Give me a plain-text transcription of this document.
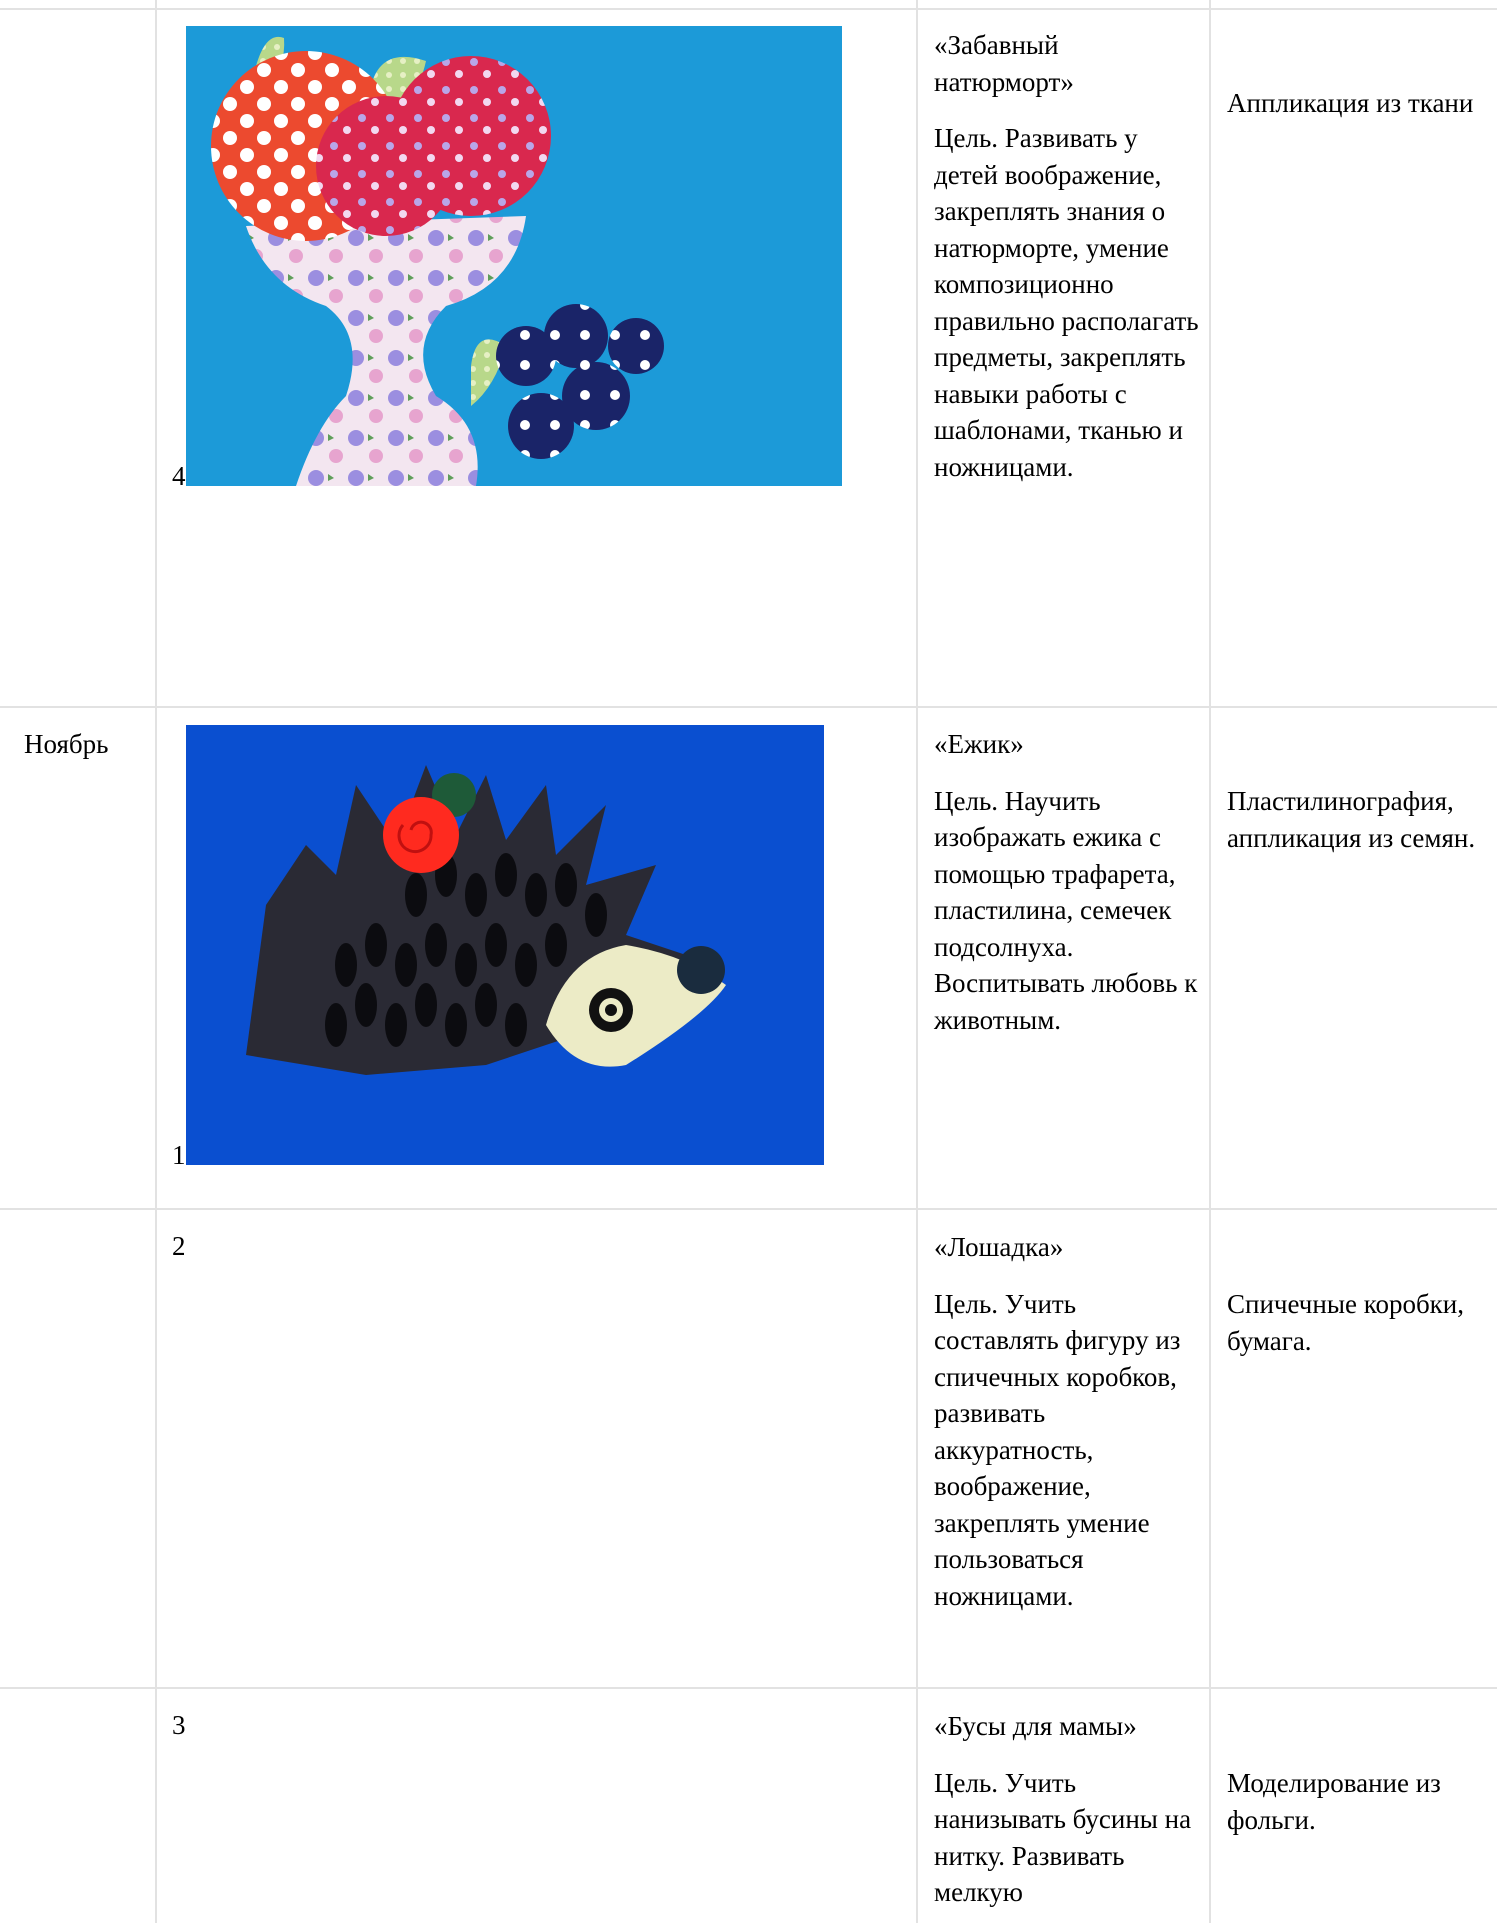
4

«Забавный натюрморт»

Цель. Развивать у детей воображение, закреплять знания о натюрморте, умение композиционно правильно располагать предметы, закреплять навыки работы с шаблонами, тканью и ножницами.

Аппликация из ткани
Ноябрь
1

«Ежик»

Цель. Научить изображать ежика с помощью трафарета, пластилина, семечек подсолнуха. Воспитывать любовь к животным.

Пластилинография, аппликация из семян.
2	«Лошадка»

Цель. Учить составлять фигуру из спичечных коробков, развивать аккуратность, воображение, закреплять умение пользоваться ножницами.

Спичечные коробки, бумага.
3	«Бусы для мамы»

Цель. Учить нанизывать бусины на нитку. Развивать мелкую

Моделирование из фольги.
